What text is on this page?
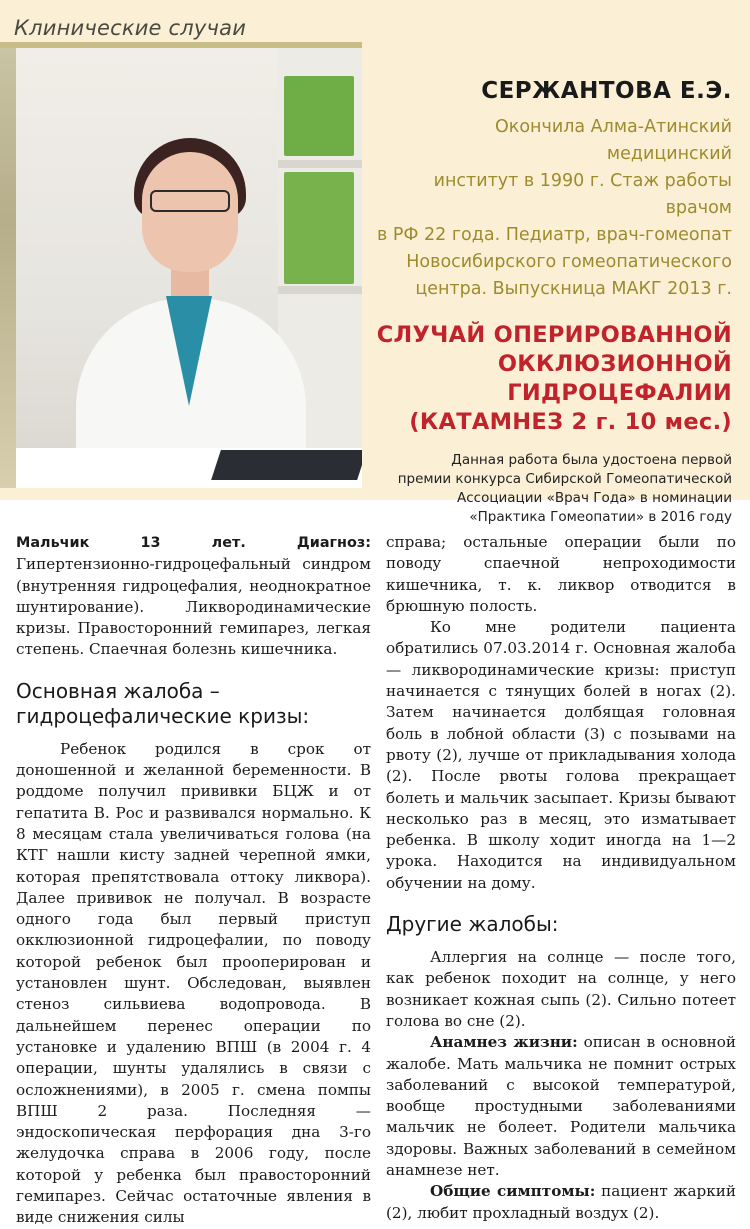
Клинические случаи
СЕРЖАНТОВА Е.Э.

Окончила Алма-Атинский медицинский
институт в 1990 г. Стаж работы врачом
в РФ 22 года. Педиатр, врач-гомеопат
Новосибирского гомеопатического
центра. Выпускница МАКГ 2013 г.

СЛУЧАЙ ОПЕРИРОВАННОЙ
ОККЛЮЗИОННОЙ
ГИДРОЦЕФАЛИИ
(КАТАМНЕЗ 2 г. 10 мес.)

Данная работа была удостоена первой
премии конкурса Сибирской Гомеопатической
Ассоциации «Врач Года» в номинации
«Практика Гомеопатии» в 2016 году

Мальчик 13 лет. Диагноз: Гипертензионно-гидроцефальный синдром (внутренняя гидроцефалия, неоднократное шунтирование). Ликвородинамические кризы. Правосторонний гемипарез, легкая степень. Спаечная болезнь кишечника.

Основная жалоба – гидроцефалические кризы:

Ребенок родился в срок от доношенной и желанной беременности. В роддоме получил прививки БЦЖ и от гепатита В. Рос и развивался нормально. К 8 месяцам стала увеличиваться голова (на КТГ нашли кисту задней черепной ямки, которая препятствовала оттоку ликвора). Далее прививок не получал. В возрасте одного года был первый приступ окклюзионной гидроцефалии, по поводу которой ребенок был прооперирован и установлен шунт. Обследован, выявлен стеноз сильвиева водопровода. В дальнейшем перенес операции по установке и удалению ВПШ (в 2004 г. 4 операции, шунты удалялись в связи с осложнениями), в 2005 г. смена помпы ВПШ 2 раза. Последняя — эндоскопическая перфорация дна 3-го желудочка справа в 2006 году, после которой у ребенка был правосторонний гемипарез. Сейчас остаточные явления в виде снижения силы

справа; остальные операции были по поводу спаечной непроходимости кишечника, т. к. ликвор отводится в брюшную полость.

Ко мне родители пациента обратились 07.03.2014 г. Основная жалоба — ликвородинамические кризы: приступ начинается с тянущих болей в ногах (2). Затем начинается долбящая головная боль в лобной области (3) с позывами на рвоту (2), лучше от прикладывания холода (2). После рвоты голова прекращает болеть и мальчик засыпает. Кризы бывают несколько раз в месяц, это изматывает ребенка. В школу ходит иногда на 1—2 урока. Находится на индивидуальном обучении на дому.

Другие жалобы:

Аллергия на солнце — после того, как ребенок походит на солнце, у него возникает кожная сыпь (2). Сильно потеет голова во сне (2).

Анамнез жизни: описан в основной жалобе. Мать мальчика не помнит острых заболеваний с высокой температурой, вообще простудными заболеваниями мальчик не болеет. Родители мальчика здоровы. Важных заболеваний в семейном анамнезе нет.

Общие симптомы: пациент жаркий (2), любит прохладный воздух (2).
